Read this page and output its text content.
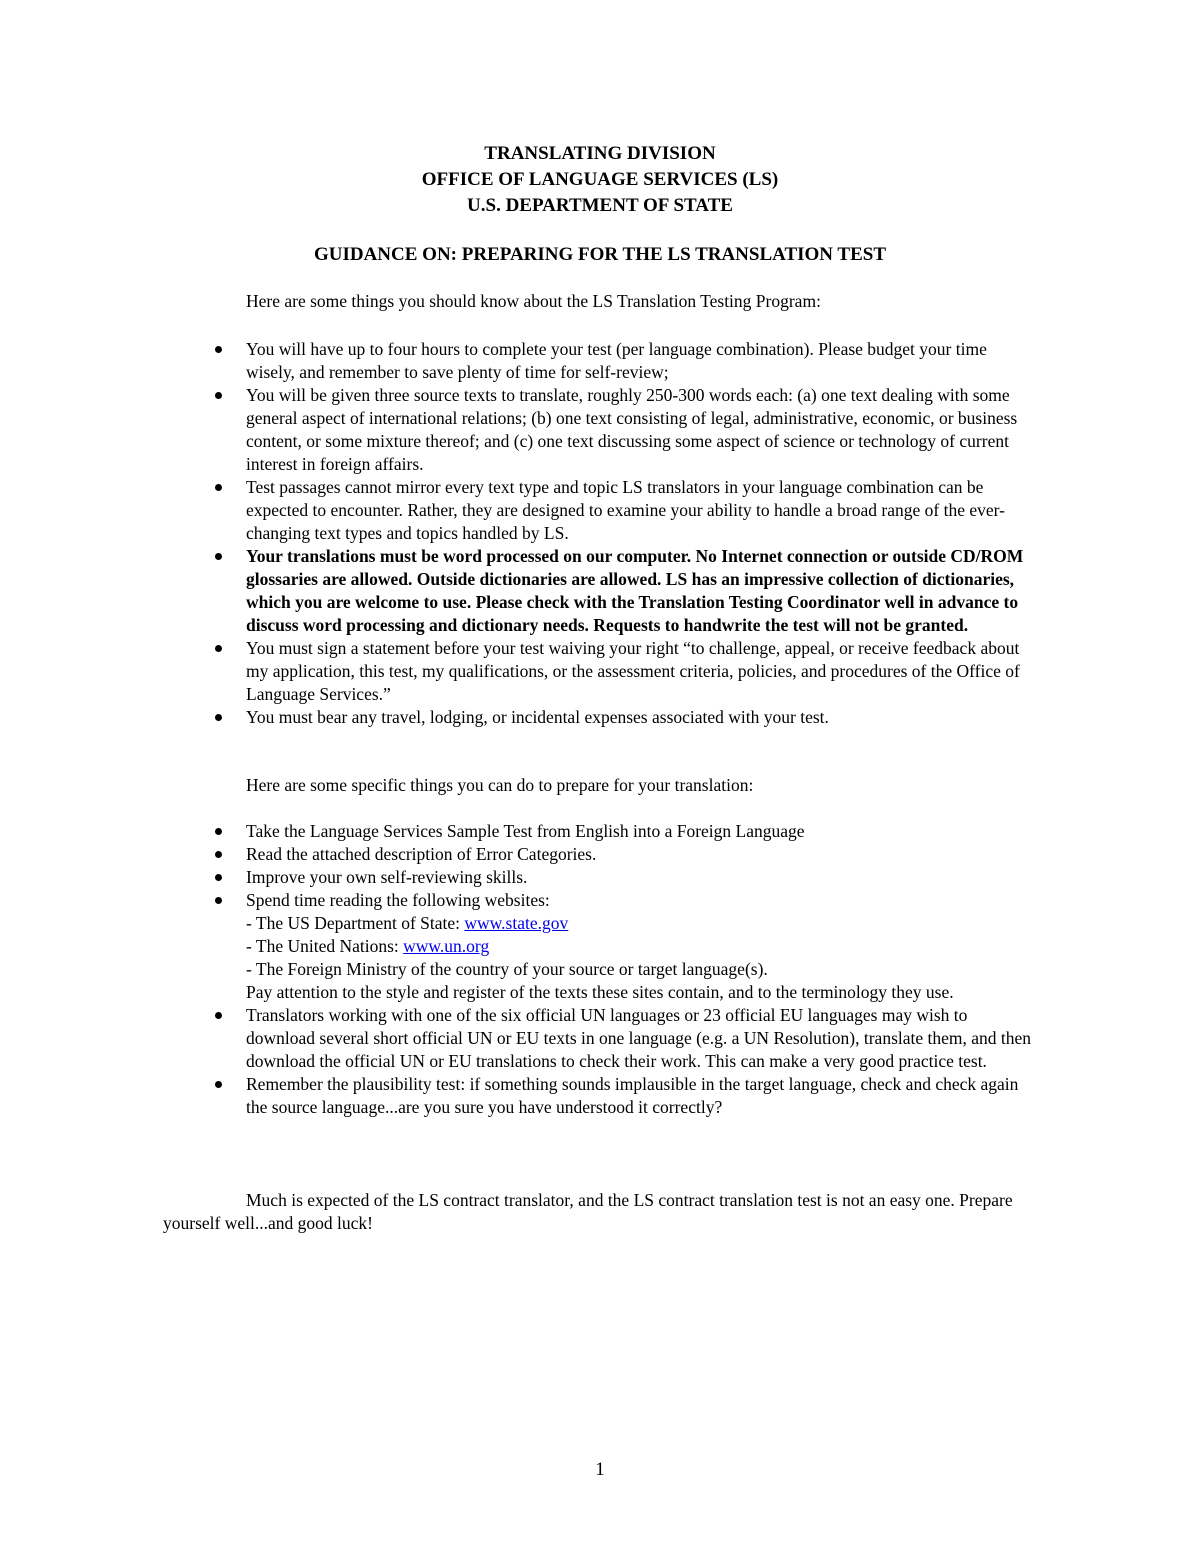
TRANSLATING DIVISION
OFFICE OF LANGUAGE SERVICES (LS)
U.S. DEPARTMENT OF STATE
GUIDANCE ON: PREPARING FOR THE LS TRANSLATION TEST
Here are some things you should know about the LS Translation Testing Program:
You will have up to four hours to complete your test (per language combination). Please budget your time wisely, and remember to save plenty of time for self-review;
You will be given three source texts to translate, roughly 250-300 words each: (a) one text dealing with some general aspect of international relations; (b) one text consisting of legal, administrative, economic, or business content, or some mixture thereof; and (c) one text discussing some aspect of science or technology of current interest in foreign affairs.
Test passages cannot mirror every text type and topic LS translators in your language combination can be expected to encounter. Rather, they are designed to examine your ability to handle a broad range of the ever-changing text types and topics handled by LS.
Your translations must be word processed on our computer. No Internet connection or outside CD/ROM glossaries are allowed. Outside dictionaries are allowed. LS has an impressive collection of dictionaries, which you are welcome to use. Please check with the Translation Testing Coordinator well in advance to discuss word processing and dictionary needs. Requests to handwrite the test will not be granted.
You must sign a statement before your test waiving your right “to challenge, appeal, or receive feedback about my application, this test, my qualifications, or the assessment criteria, policies, and procedures of the Office of Language Services.”
You must bear any travel, lodging, or incidental expenses associated with your test.
Here are some specific things you can do to prepare for your translation:
Take the Language Services Sample Test from English into a Foreign Language
Read the attached description of Error Categories.
Improve your own self-reviewing skills.
Spend time reading the following websites:
- The US Department of State: www.state.gov
- The United Nations: www.un.org
- The Foreign Ministry of the country of your source or target language(s).
Pay attention to the style and register of the texts these sites contain, and to the terminology they use.
Translators working with one of the six official UN languages or 23 official EU languages may wish to download several short official UN or EU texts in one language (e.g. a UN Resolution), translate them, and then download the official UN or EU translations to check their work. This can make a very good practice test.
Remember the plausibility test: if something sounds implausible in the target language, check and check again the source language...are you sure you have understood it correctly?
Much is expected of the LS contract translator, and the LS contract translation test is not an easy one. Prepare yourself well...and good luck!
1
